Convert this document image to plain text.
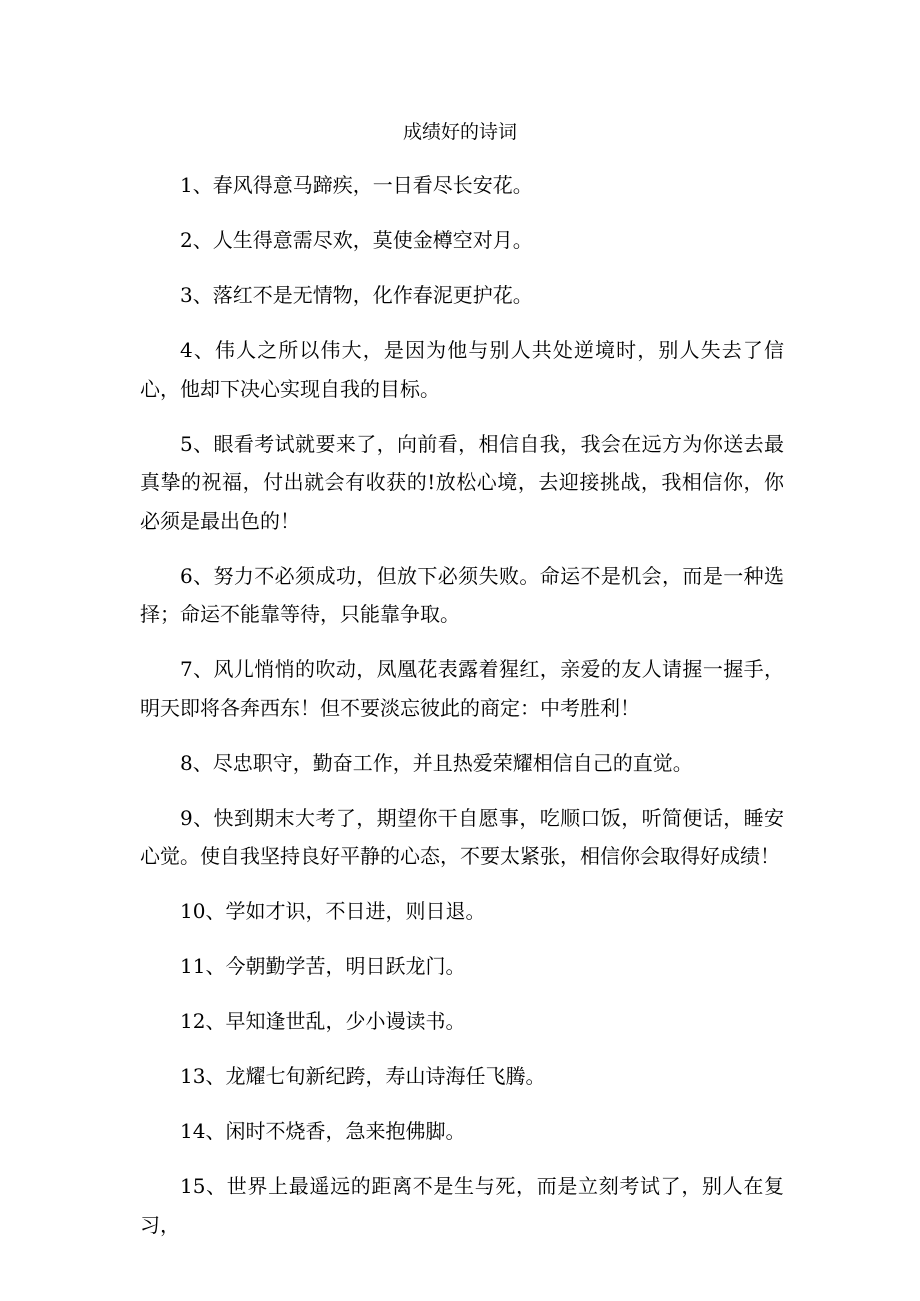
成绩好的诗词

1、春风得意马蹄疾，一日看尽长安花。

2、人生得意需尽欢，莫使金樽空对月。

3、落红不是无情物，化作春泥更护花。

4、伟人之所以伟大，是因为他与别人共处逆境时，别人失去了信心，他却下决心实现自我的目标。

5、眼看考试就要来了，向前看，相信自我，我会在远方为你送去最真挚的祝福，付出就会有收获的!放松心境，去迎接挑战，我相信你，你必须是最出色的！

6、努力不必须成功，但放下必须失败。命运不是机会，而是一种选择；命运不能靠等待，只能靠争取。

7、风儿悄悄的吹动，凤凰花表露着猩红，亲爱的友人请握一握手，明天即将各奔西东！但不要淡忘彼此的商定：中考胜利！

8、尽忠职守，勤奋工作，并且热爱荣耀相信自己的直觉。

9、快到期末大考了，期望你干自愿事，吃顺口饭，听简便话，睡安心觉。使自我坚持良好平静的心态，不要太紧张，相信你会取得好成绩！

10、学如才识，不日进，则日退。

11、今朝勤学苦，明日跃龙门。

12、早知逢世乱，少小谩读书。

13、龙耀七旬新纪跨，寿山诗海任飞腾。

14、闲时不烧香，急来抱佛脚。

15、世界上最遥远的距离不是生与死，而是立刻考试了，别人在复习，
